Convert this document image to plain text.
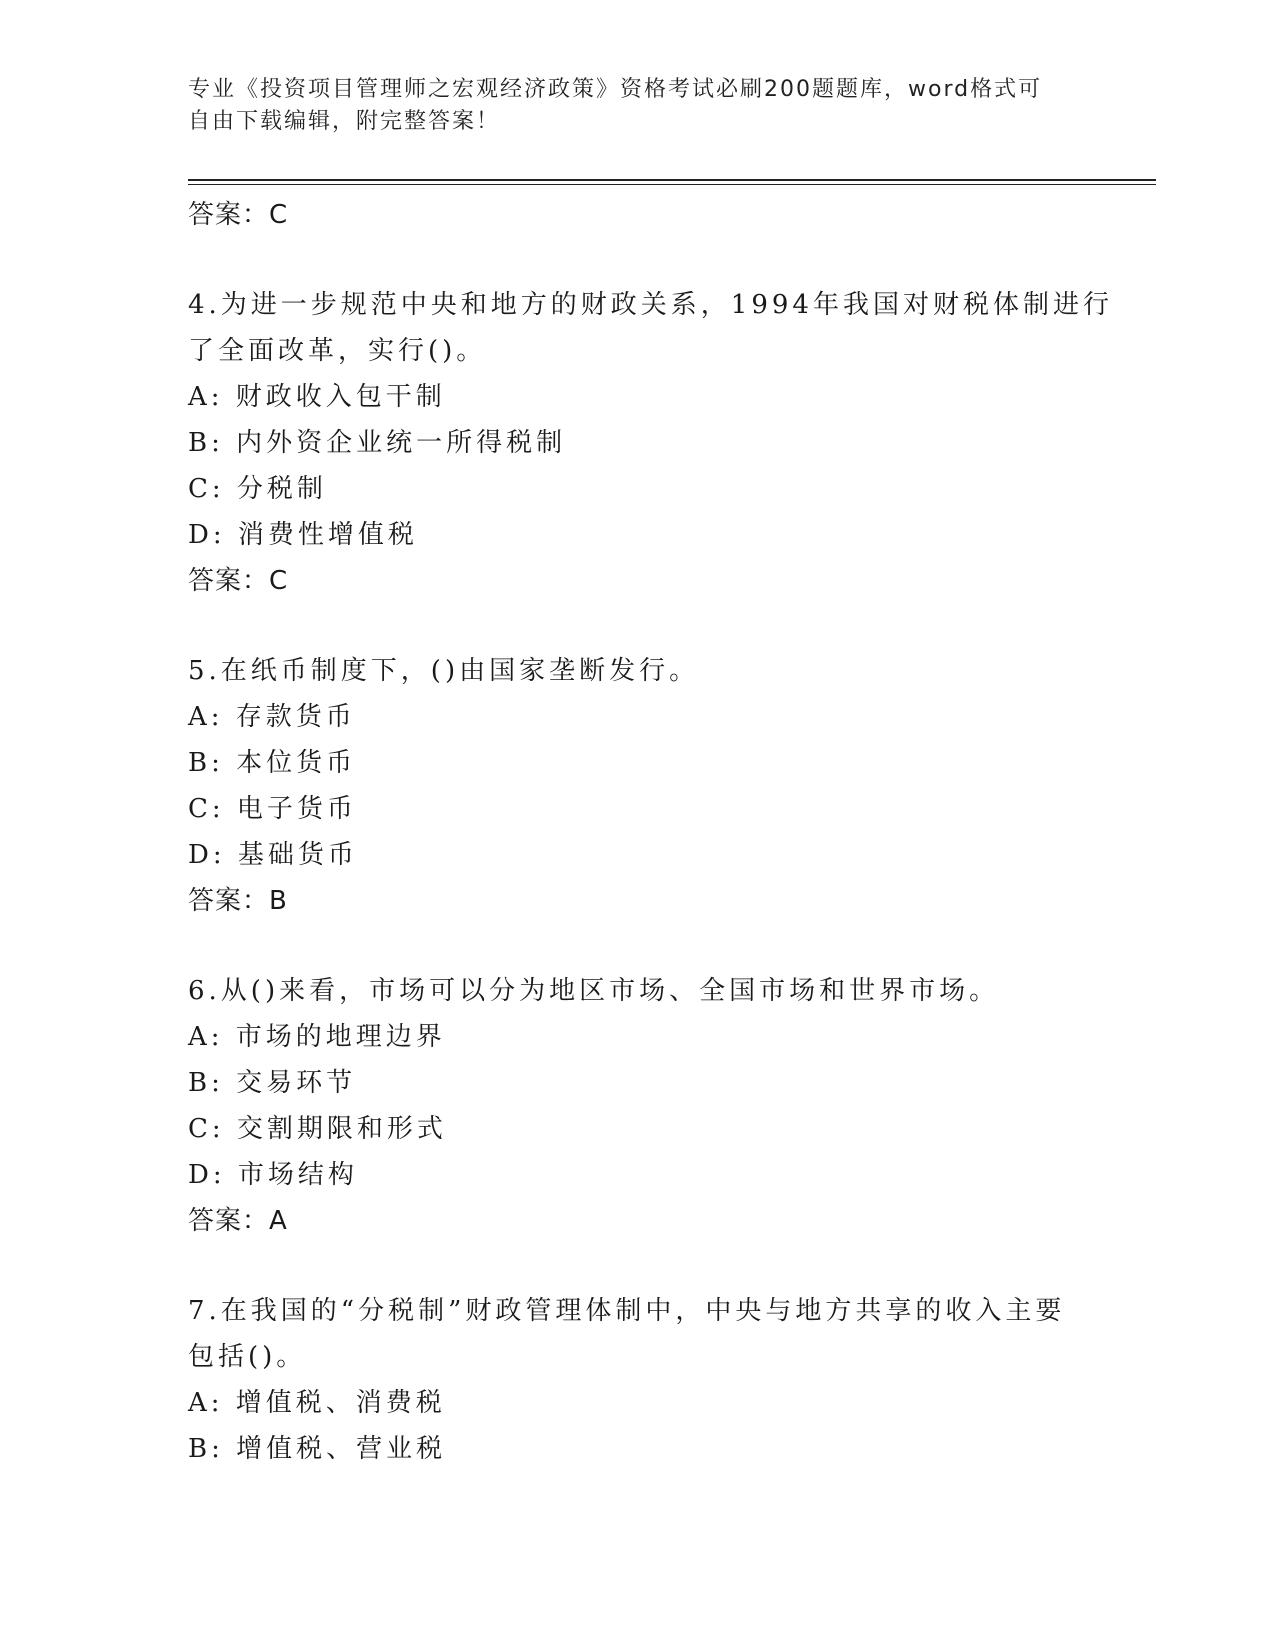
专业《投资项目管理师之宏观经济政策》资格考试必刷200题题库，word格式可
自由下载编辑，附完整答案！
答案：C
4.为进一步规范中央和地方的财政关系，1994年我国对财税体制进行
了全面改革，实行()。
A: 财政收入包干制
B: 内外资企业统一所得税制
C: 分税制
D: 消费性增值税
答案：C
5.在纸币制度下，()由国家垄断发行。
A: 存款货币
B: 本位货币
C: 电子货币
D: 基础货币
答案：B
6.从()来看，市场可以分为地区市场、全国市场和世界市场。
A: 市场的地理边界
B: 交易环节
C: 交割期限和形式
D: 市场结构
答案：A
7.在我国的“分税制”财政管理体制中，中央与地方共享的收入主要
包括()。
A: 增值税、消费税
B: 增值税、营业税
